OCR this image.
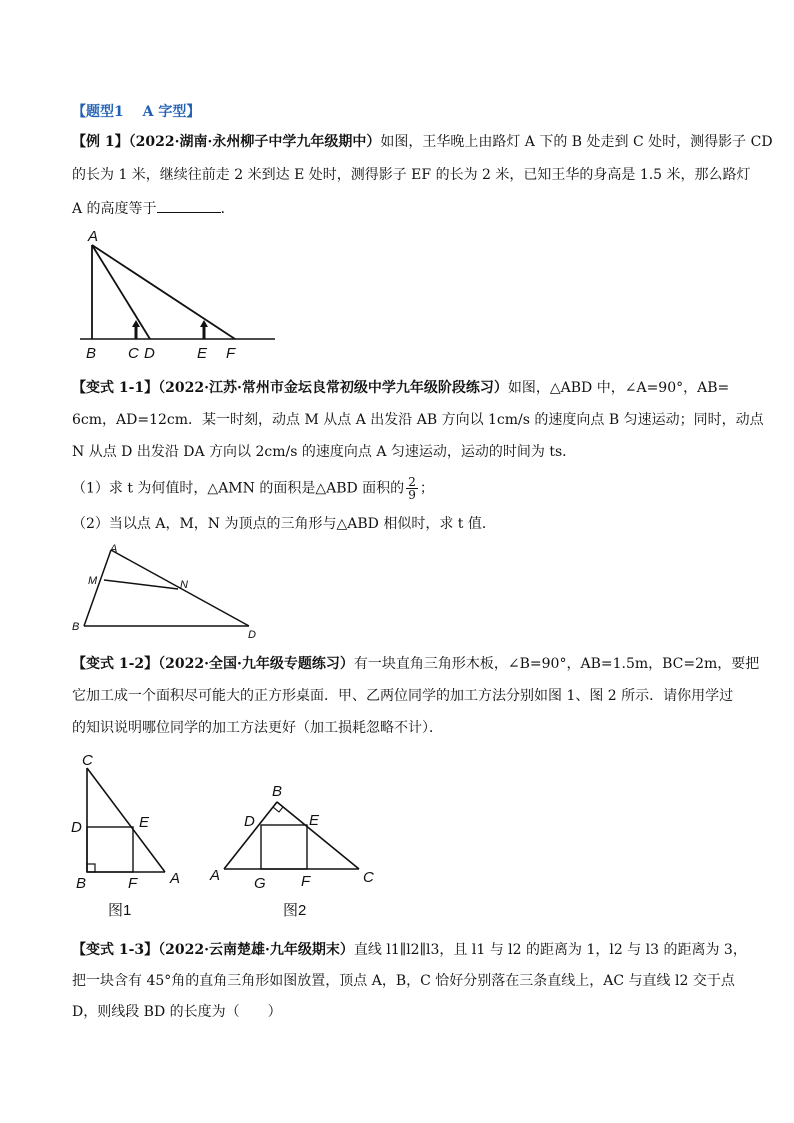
【题型1　 A 字型】
【例 1】（2022·湖南·永州柳子中学九年级期中）如图，王华晚上由路灯 A 下的 B 处走到 C 处时，测得影子 CD
的长为 1 米，继续往前走 2 米到达 E 处时，测得影子 EF 的长为 2 米，已知王华的身高是 1.5 米，那么路灯
A 的高度等于	．
A
B C D	E F
【变式 1-1】（2022·江苏·常州市金坛良常初级中学九年级阶段练习）如图，△ABD 中，∠A=90°，AB=
6cm，AD=12cm．某一时刻，动点 M 从点 A 出发沿 AB 方向以 1cm/s 的速度向点 B 匀速运动；同时，动点
N 从点 D 出发沿 DA 方向以 2cm/s 的速度向点 A 匀速运动，运动的时间为 ts．
（1）求 t 为何值时，△AMN 的面积是△ABD 面积的 $\frac{2}{9}$ ；
（2）当以点 A，M，N 为顶点的三角形与△ABD 相似时，求 t 值．
A
M	N
B
D
【变式 1-2】（2022·全国·九年级专题练习）有一块直角三角形木板，∠B=90°，AB=1.5m，BC=2m，要把
它加工成一个面积尽可能大的正方形桌面．甲、乙两位同学的加工方法分别如图 1、图 2 所示．请你用学过
的知识说明哪位同学的加工方法更好（加工损耗忽略不计）．
C
D	E
B	F A
图1
B
D	E
A G F	C
图2
【变式 1-3】（2022·云南楚雄·九年级期末）直线 l1∥l2∥l3，且 l1 与 l2 的距离为 1，l2 与 l3 的距离为 3，
把一块含有 45°角的直角三角形如图放置，顶点 A，B，C 恰好分别落在三条直线上，AC 与直线 l2 交于点
D，则线段 BD 的长度为（　　）
